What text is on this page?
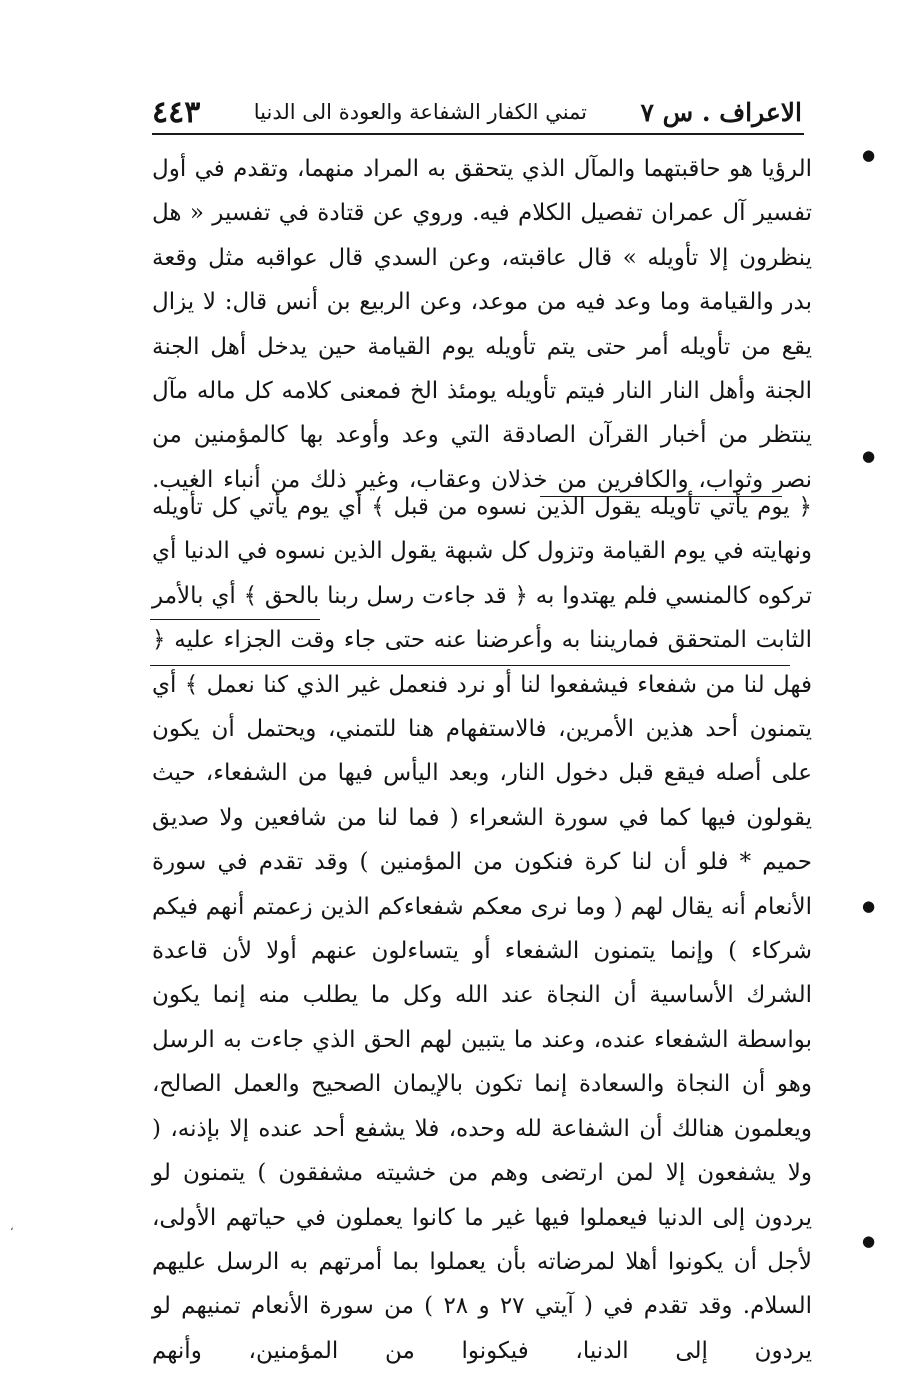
الاعراف . س ٧
تمني الكفار الشفاعة والعودة الى الدنيا
٤٤٣
●
●
●
●

الرؤيا هو حاقبتهما والمآل الذي يتحقق به المراد منهما، وتقدم في أول تفسير آل عمران تفصيل الكلام فيه. وروي عن قتادة في تفسير « هل ينظرون إلا تأويله » قال عاقبته، وعن السدي قال عواقبه مثل وقعة بدر والقيامة وما وعد فيه من موعد، وعن الربيع بن أنس قال: لا يزال يقع من تأويله أمر حتى يتم تأويله يوم القيامة حين يدخل أهل الجنة الجنة وأهل النار النار فيتم تأويله يومئذ الخ فمعنى كلامه كل ماله مآل ينتظر من أخبار القرآن الصادقة التي وعد وأوعد بها كالمؤمنين من نصر وثواب، والكافرين من خذلان وعقاب، وغير ذلك من أنباء الغيب.

﴿ يوم يأتي تأويله يقول الذين نسوه من قبل ﴾ أي يوم يأتي كل تأويله ونهايته في يوم القيامة وتزول كل شبهة يقول الذين نسوه في الدنيا أي تركوه كالمنسي فلم يهتدوا به ﴿ قد جاءت رسل ربنا بالحق ﴾ أي بالأمر الثابت المتحقق فماريننا به وأعرضنا عنه حتى جاء وقت الجزاء عليه ﴿ فهل لنا من شفعاء فيشفعوا لنا أو نرد فنعمل غير الذي كنا نعمل ﴾ أي يتمنون أحد هذين الأمرين، فالاستفهام هنا للتمني، ويحتمل أن يكون على أصله فيقع قبل دخول النار، وبعد اليأس فيها من الشفعاء، حيث يقولون فيها كما في سورة الشعراء ( فما لنا من شافعين ولا صديق حميم * فلو أن لنا كرة فنكون من المؤمنين ) وقد تقدم في سورة الأنعام أنه يقال لهم ( وما نرى معكم شفعاءكم الذين زعمتم أنهم فيكم شركاء ) وإنما يتمنون الشفعاء أو يتساءلون عنهم أولا لأن قاعدة الشرك الأساسية أن النجاة عند الله وكل ما يطلب منه إنما يكون بواسطة الشفعاء عنده، وعند ما يتبين لهم الحق الذي جاءت به الرسل وهو أن النجاة والسعادة إنما تكون بالإيمان الصحيح والعمل الصالح، ويعلمون هنالك أن الشفاعة لله وحده، فلا يشفع أحد عنده إلا بإذنه، ( ولا يشفعون إلا لمن ارتضى وهم من خشيته مشفقون ) يتمنون لو يردون إلى الدنيا فيعملوا فيها غير ما كانوا يعملون في حياتهم الأولى، لأجل أن يكونوا أهلا لمرضاته بأن يعملوا بما أمرتهم به الرسل عليهم السلام. وقد تقدم في ( آيتي ٢٧ و ٢٨ ) من سورة الأنعام تمنيهم لو يردون إلى الدنيا، فيكونوا من المؤمنين، وأنهم

،
